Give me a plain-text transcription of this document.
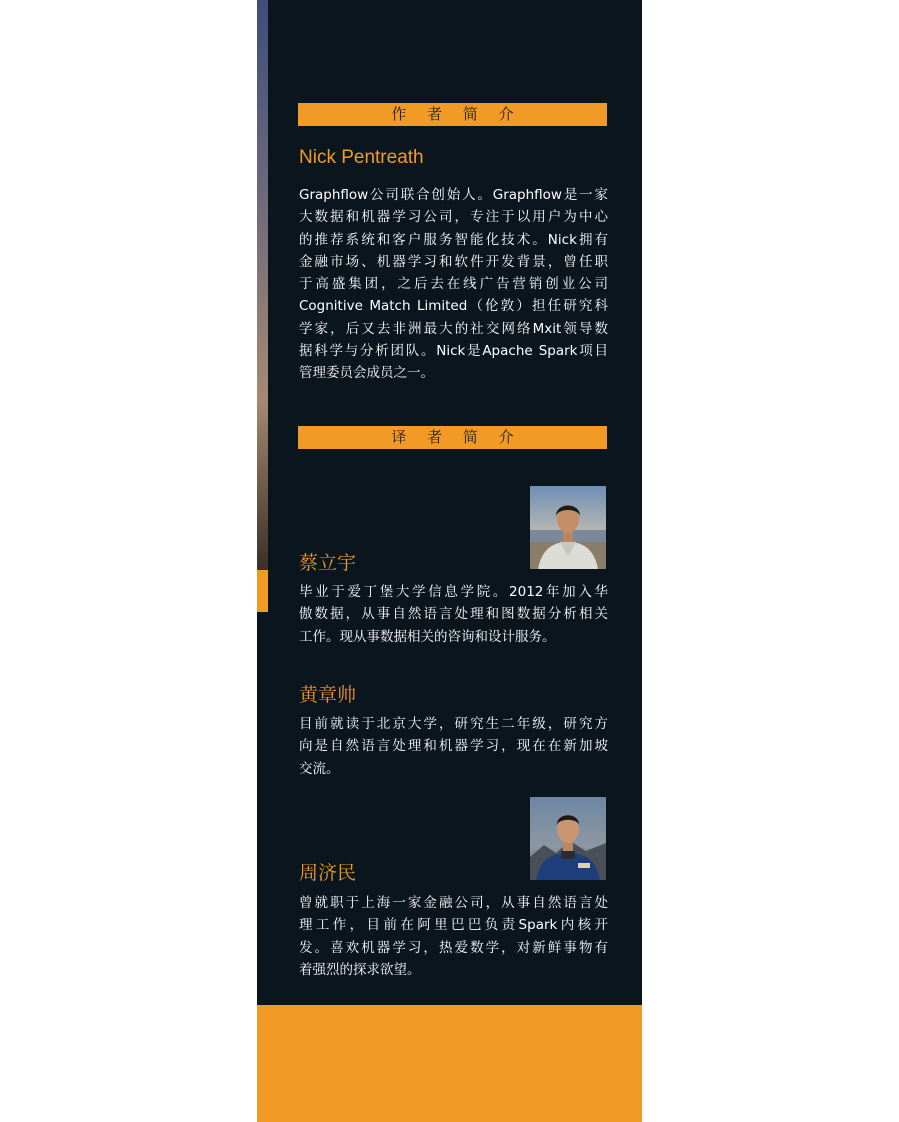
作 者 简 介
Nick Pentreath
Graphflow公司联合创始人。Graphflow是一家
大数据和机器学习公司，专注于以用户为中心
的推荐系统和客户服务智能化技术。Nick拥有
金融市场、机器学习和软件开发背景，曾任职
于高盛集团，之后去在线广告营销创业公司
Cognitive Match Limited（伦敦）担任研究科
学家，后又去非洲最大的社交网络Mxit领导数
据科学与分析团队。Nick是Apache Spark项目
管理委员会成员之一。
译 者 简 介
蔡立宇
毕业于爱丁堡大学信息学院。2012年加入华
傲数据，从事自然语言处理和图数据分析相关
工作。现从事数据相关的咨询和设计服务。
黄章帅
目前就读于北京大学，研究生二年级，研究方
向是自然语言处理和机器学习，现在在新加坡
交流。
周济民
曾就职于上海一家金融公司，从事自然语言处
理工作，目前在阿里巴巴负责Spark内核开
发。喜欢机器学习，热爱数学，对新鲜事物有
着强烈的探求欲望。
